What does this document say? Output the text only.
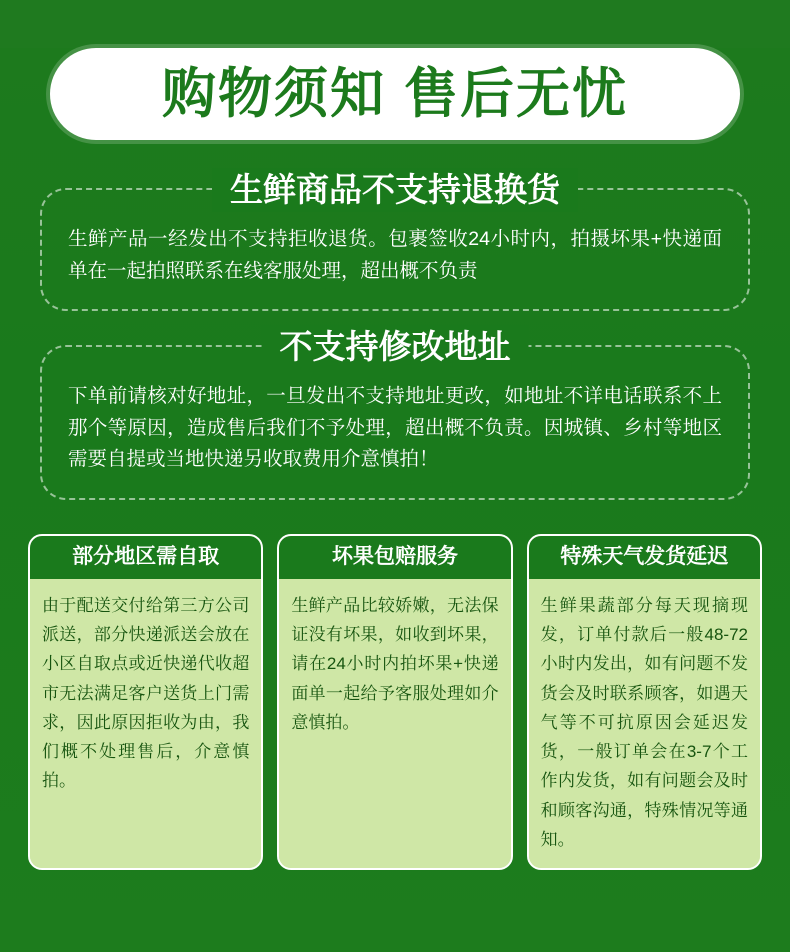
购物须知 售后无忧
生鲜商品不支持退换货
生鲜产品一经发出不支持拒收退货。包裹签收24小时内，拍摄坏果+快递面单在一起拍照联系在线客服处理，超出概不负责
不支持修改地址
下单前请核对好地址，一旦发出不支持地址更改，如地址不详电话联系不上那个等原因，造成售后我们不予处理，超出概不负责。因城镇、乡村等地区需要自提或当地快递另收取费用介意慎拍！
部分地区需自取
由于配送交付给第三方公司派送，部分快递派送会放在小区自取点或近快递代收超市无法满足客户送货上门需求，因此原因拒收为由，我们概不处理售后，介意慎拍。
坏果包赔服务
生鲜产品比较娇嫩，无法保证没有坏果，如收到坏果，请在24小时内拍坏果+快递面单一起给予客服处理如介意慎拍。
特殊天气发货延迟
生鲜果蔬部分每天现摘现发，订单付款后一般48-72小时内发出，如有问题不发货会及时联系顾客，如遇天气等不可抗原因会延迟发货，一般订单会在3-7个工作内发货，如有问题会及时和顾客沟通，特殊情况等通知。
